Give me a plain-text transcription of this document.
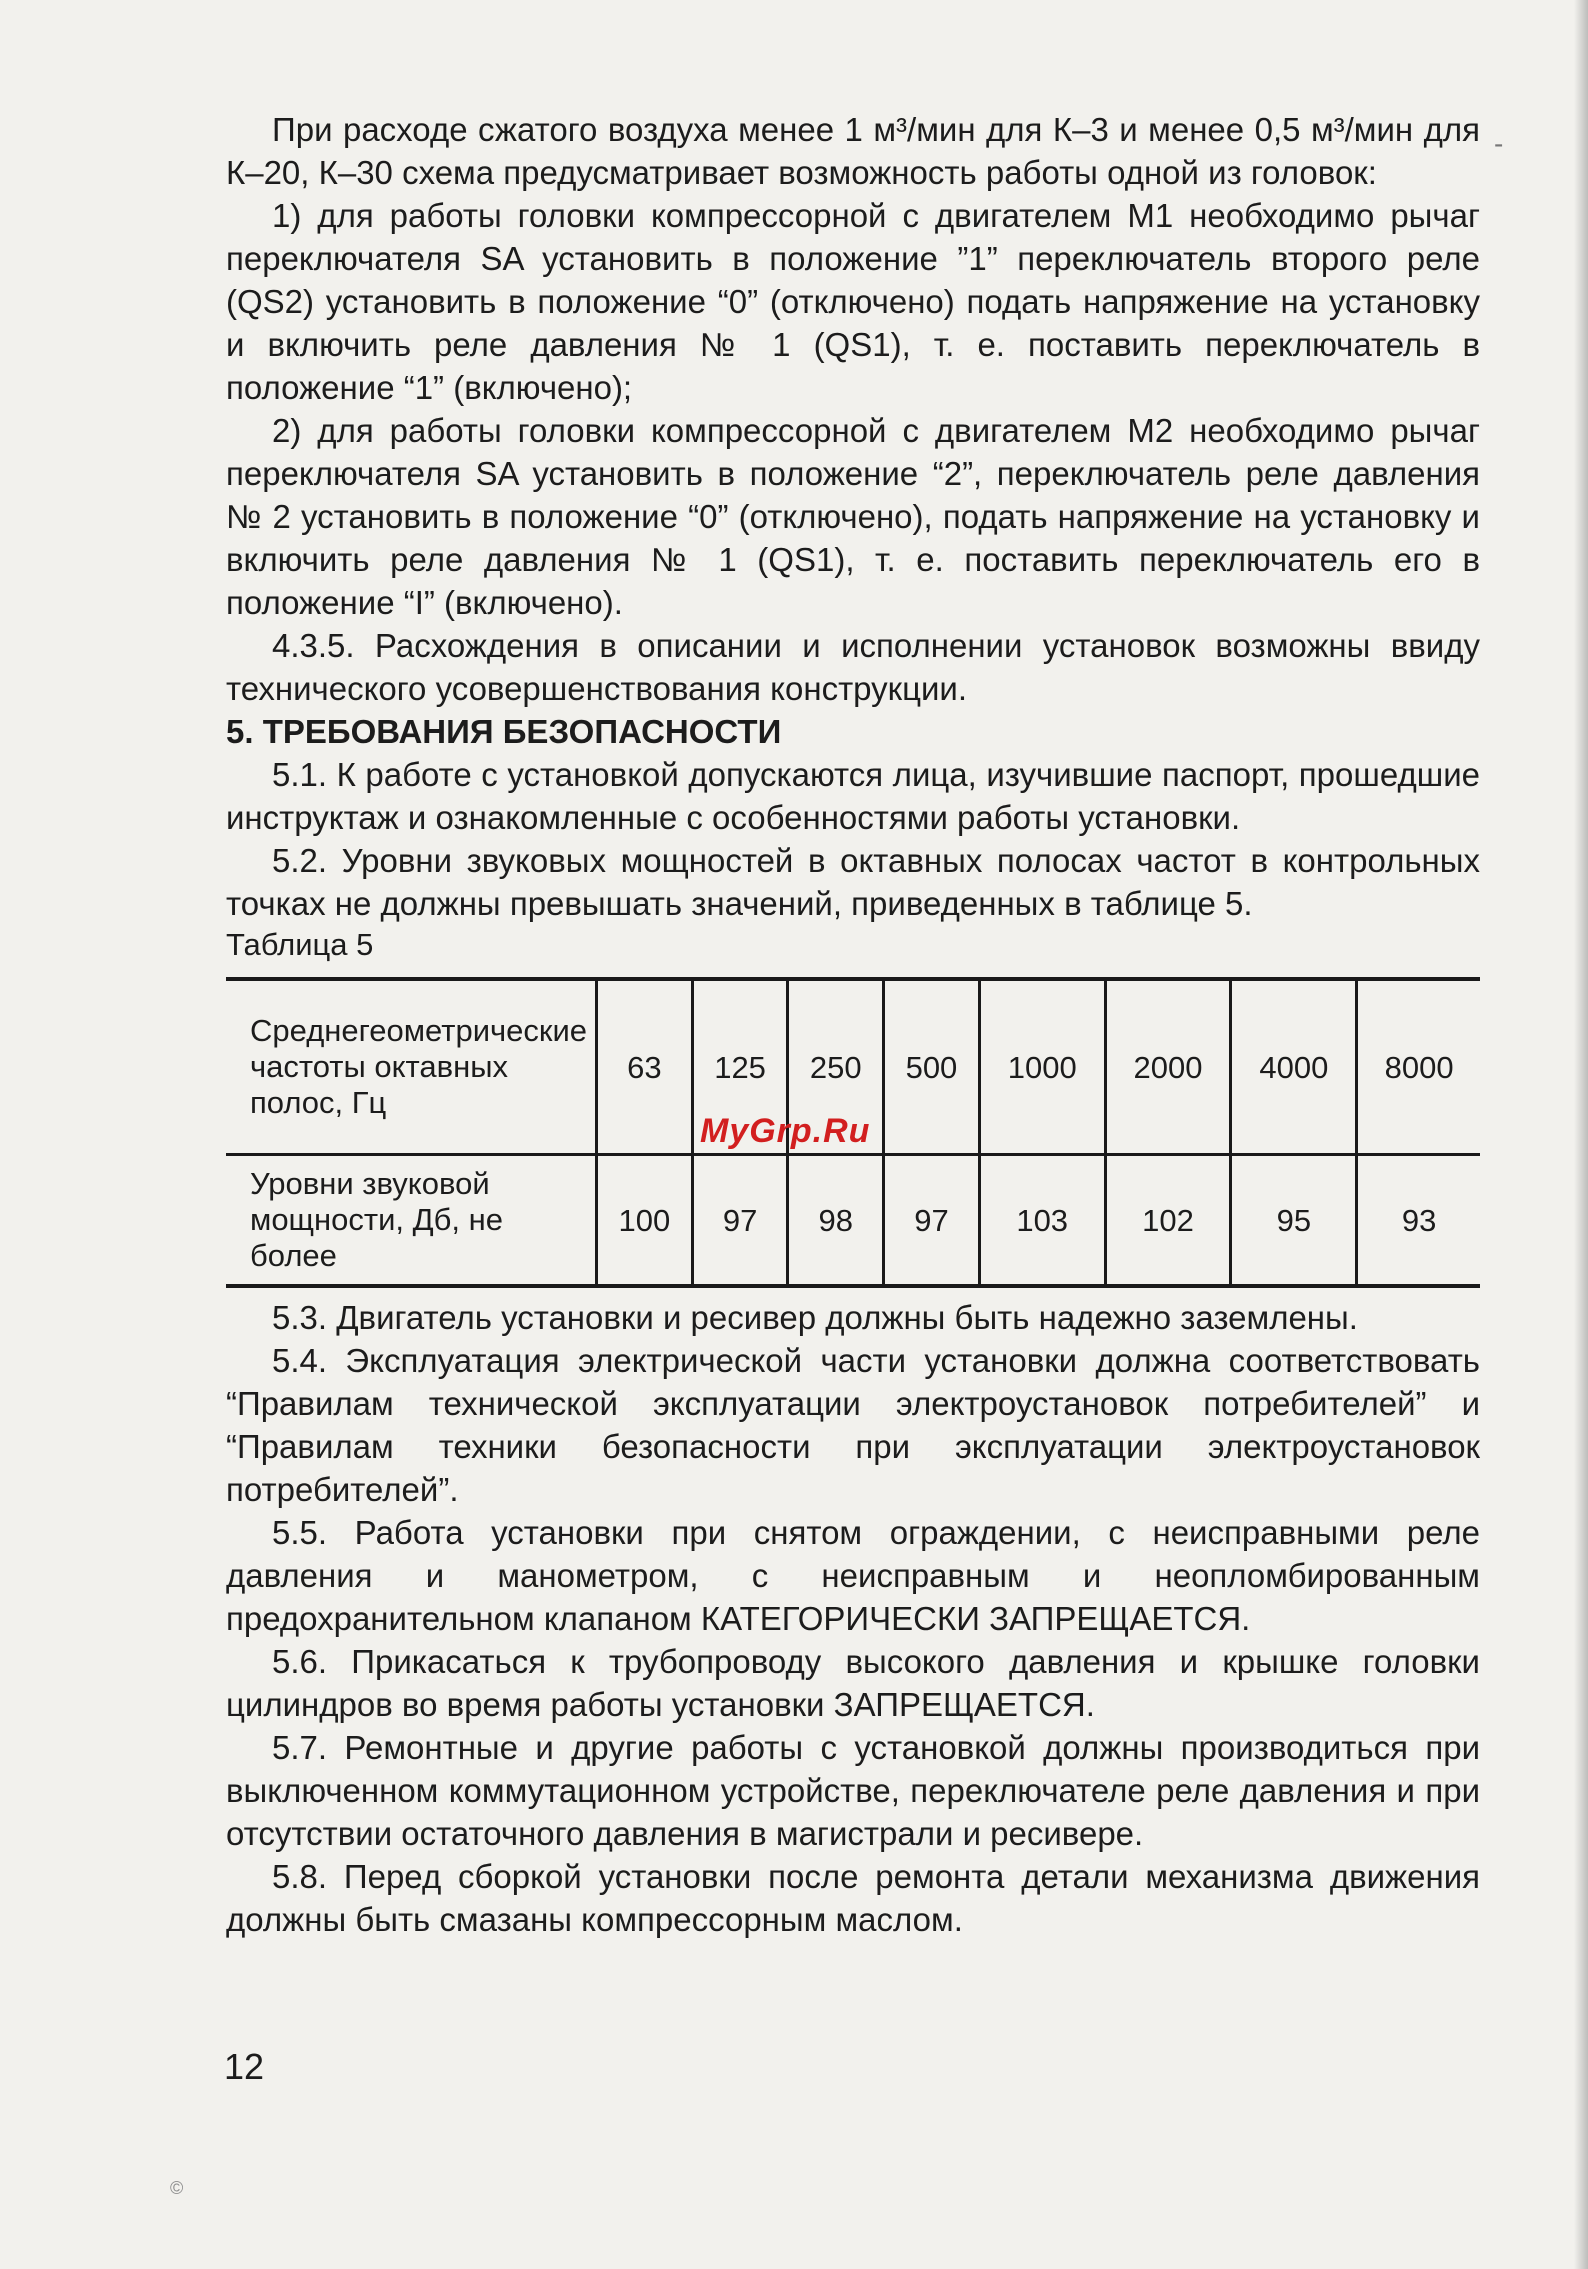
-

При расходе сжатого воздуха менее 1 м³/мин для К–3 и менее 0,5 м³/мин для К–20, К–30 схема предусматривает возможность работы одной из головок:

1) для работы головки компрессорной с двигателем М1 необходимо рычаг переключателя SA установить в положение ”1” переключатель второго реле (QS2) установить в положение “0” (отключено) подать напряжение на установку и включить реле давления № 1 (QS1), т. е. поставить переключатель в положение “1” (включено);

2) для работы головки компрессорной с двигателем М2 необходимо рычаг переключателя SA установить в положение “2”, переключатель реле давления № 2 установить в положение “0” (отключено), подать напряжение на установку и включить реле давления № 1 (QS1), т. е. поставить переключатель его в положение “I” (включено).

4.3.5. Расхождения в описании и исполнении установок возможны ввиду технического усовершенствования конструкции.

5. ТРЕБОВАНИЯ БЕЗОПАСНОСТИ

5.1. К работе с установкой допускаются лица, изучившие паспорт, прошедшие инструктаж и ознакомленные с особенностями работы установки.

5.2. Уровни звуковых мощностей в октавных полосах частот в контрольных точках не должны превышать значений, приведенных в таблице 5.

Таблица 5

Среднегеометрические частоты октавных полос, Гц	63	125	250	500	1000	2000	4000	8000
Уровни звуковой мощности, Дб, не более	100	97	98	97	103	102	95	93

5.3. Двигатель установки и ресивер должны быть надежно заземлены.

5.4. Эксплуатация электрической части установки должна соответствовать “Правилам технической эксплуатации электроустановок потребителей” и “Правилам техники безопасности при эксплуатации электроустановок потребителей”.

5.5. Работа установки при снятом ограждении, с неисправными реле давления и манометром, с неисправным и неопломбированным предохранительном клапаном КАТЕГОРИЧЕСКИ ЗАПРЕЩАЕТСЯ.

5.6. Прикасаться к трубопроводу высокого давления и крышке головки цилиндров во время работы установки ЗАПРЕЩАЕТСЯ.

5.7. Ремонтные и другие работы с установкой должны производиться при выключенном коммутационном устройстве, переключателе реле давления и при отсутствии остаточного давления в магистрали и ресивере.

5.8. Перед сборкой установки после ремонта детали механизма движения должны быть смазаны компрессорным маслом.

MyGrp.Ru
12
©
